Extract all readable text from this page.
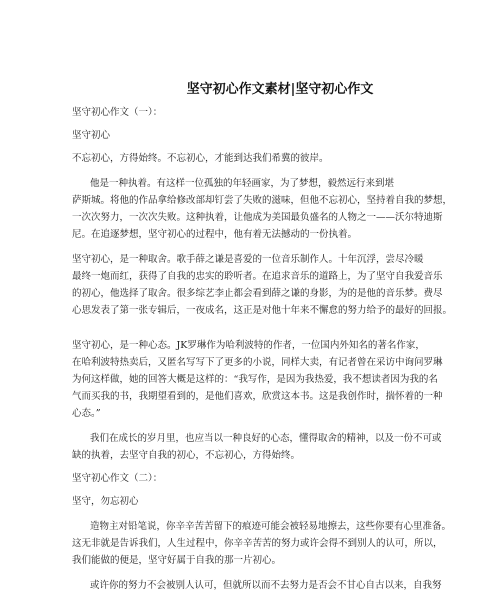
坚守初心作文素材|坚守初心作文
坚守初心作文（一）：
坚守初心
不忘初心，方得始终。不忘初心，才能到达我们希冀的彼岸。
他是一种执着。有这样一位孤独的年轻画家，为了梦想，毅然远行来到堪
萨斯城。将他的作品拿给修改部却钉尝了失败的滋味，但他不忘初心，坚持着自我的梦想，
一次次努力，一次次失败。这种执着，让他成为美国最负盛名的人物之一——沃尔特迪斯
尼。在追逐梦想，坚守初心的过程中，他有着无法撼动的一份执着。
坚守初心，是一种取舍。歌手薛之谦是喜爱的一位音乐制作人。十年沉浮，尝尽冷暖
最终一炮而红，获得了自我的忠实的聆听者。在追求音乐的道路上，为了坚守自我爱音乐
的初心，他选择了取舍。很多综艺李止都会看到薛之谦的身影，为的是他的音乐梦。费尽
心思发表了第一张专辑后，一夜成名，这正是对他十年来不懈怠的努力给予的最好的回报。
坚守初心，是一种心态。JK罗琳作为哈利波特的作者，一位国内外知名的著名作家，
在哈利波特热卖后，又匿名写写下了更多的小说，同样大卖，有记者曾在采访中询问罗琳
为何这样做，她的回答大概是这样的：“我写作，是因为我热爱，我不想读者因为我的名
气而买我的书，我期望看到的，是他们喜欢，欣赏这本书。这是我创作时，揣怀着的一种
心态。”
我们在成长的岁月里，也应当以一种良好的心态，懂得取舍的精神，以及一份不可或
缺的执着，去坚守自我的初心，不忘初心，方得始终。
坚守初心作文（二）：
坚守，勿忘初心
造物主对铅笔说，你辛辛苦苦留下的痕迹可能会被轻易地擦去，这些你要有心里准备。
这无非就是告诉我们，人生过程中，你辛辛苦苦的努力或许会得不到别人的认可，所以，
我们能做的便是，坚守好属于自我的那一片初心。
或许你的努力不会被别人认可，但就所以而不去努力是否会不甘心自古以来，自我努
